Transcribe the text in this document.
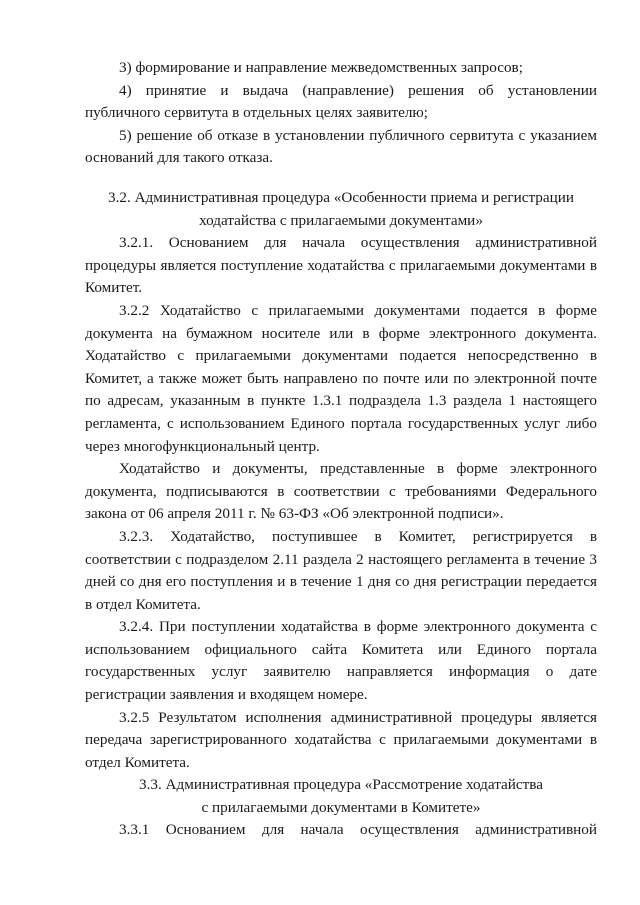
3) формирование и направление межведомственных запросов;

4) принятие и выдача (направление) решения об установлении публичного сервитута в отдельных целях заявителю;

5) решение об отказе в установлении публичного сервитута с указанием оснований для такого отказа.

3.2. Административная процедура «Особенности приема и регистрации
ходатайства с прилагаемыми документами»

3.2.1. Основанием для начала осуществления административной процедуры является поступление ходатайства с прилагаемыми документами в Комитет.

3.2.2 Ходатайство с прилагаемыми документами подается в форме документа на бумажном носителе или в форме электронного документа. Ходатайство с прилагаемыми документами подается непосредственно в Комитет, а также может быть направлено по почте или по электронной почте по адресам, указанным в пункте 1.3.1 подраздела 1.3 раздела 1 настоящего регламента, с использованием Единого портала государственных услуг либо через многофункциональный центр.

Ходатайство и документы, представленные в форме электронного документа, подписываются в соответствии с требованиями Федерального закона от 06 апреля 2011 г. № 63-ФЗ «Об электронной подписи».

3.2.3. Ходатайство, поступившее в Комитет, регистрируется в соответствии с подразделом 2.11 раздела 2 настоящего регламента в течение 3 дней со дня его поступления и в течение 1 дня со дня регистрации передается в отдел Комитета.

3.2.4. При поступлении ходатайства в форме электронного документа с использованием официального сайта Комитета или Единого портала государственных услуг заявителю направляется информация о дате регистрации заявления и входящем номере.

3.2.5 Результатом исполнения административной процедуры является передача зарегистрированного ходатайства с прилагаемыми документами в отдел Комитета.

3.3. Административная процедура «Рассмотрение ходатайства
с прилагаемыми документами в Комитете»

3.3.1 Основанием для начала осуществления административной
